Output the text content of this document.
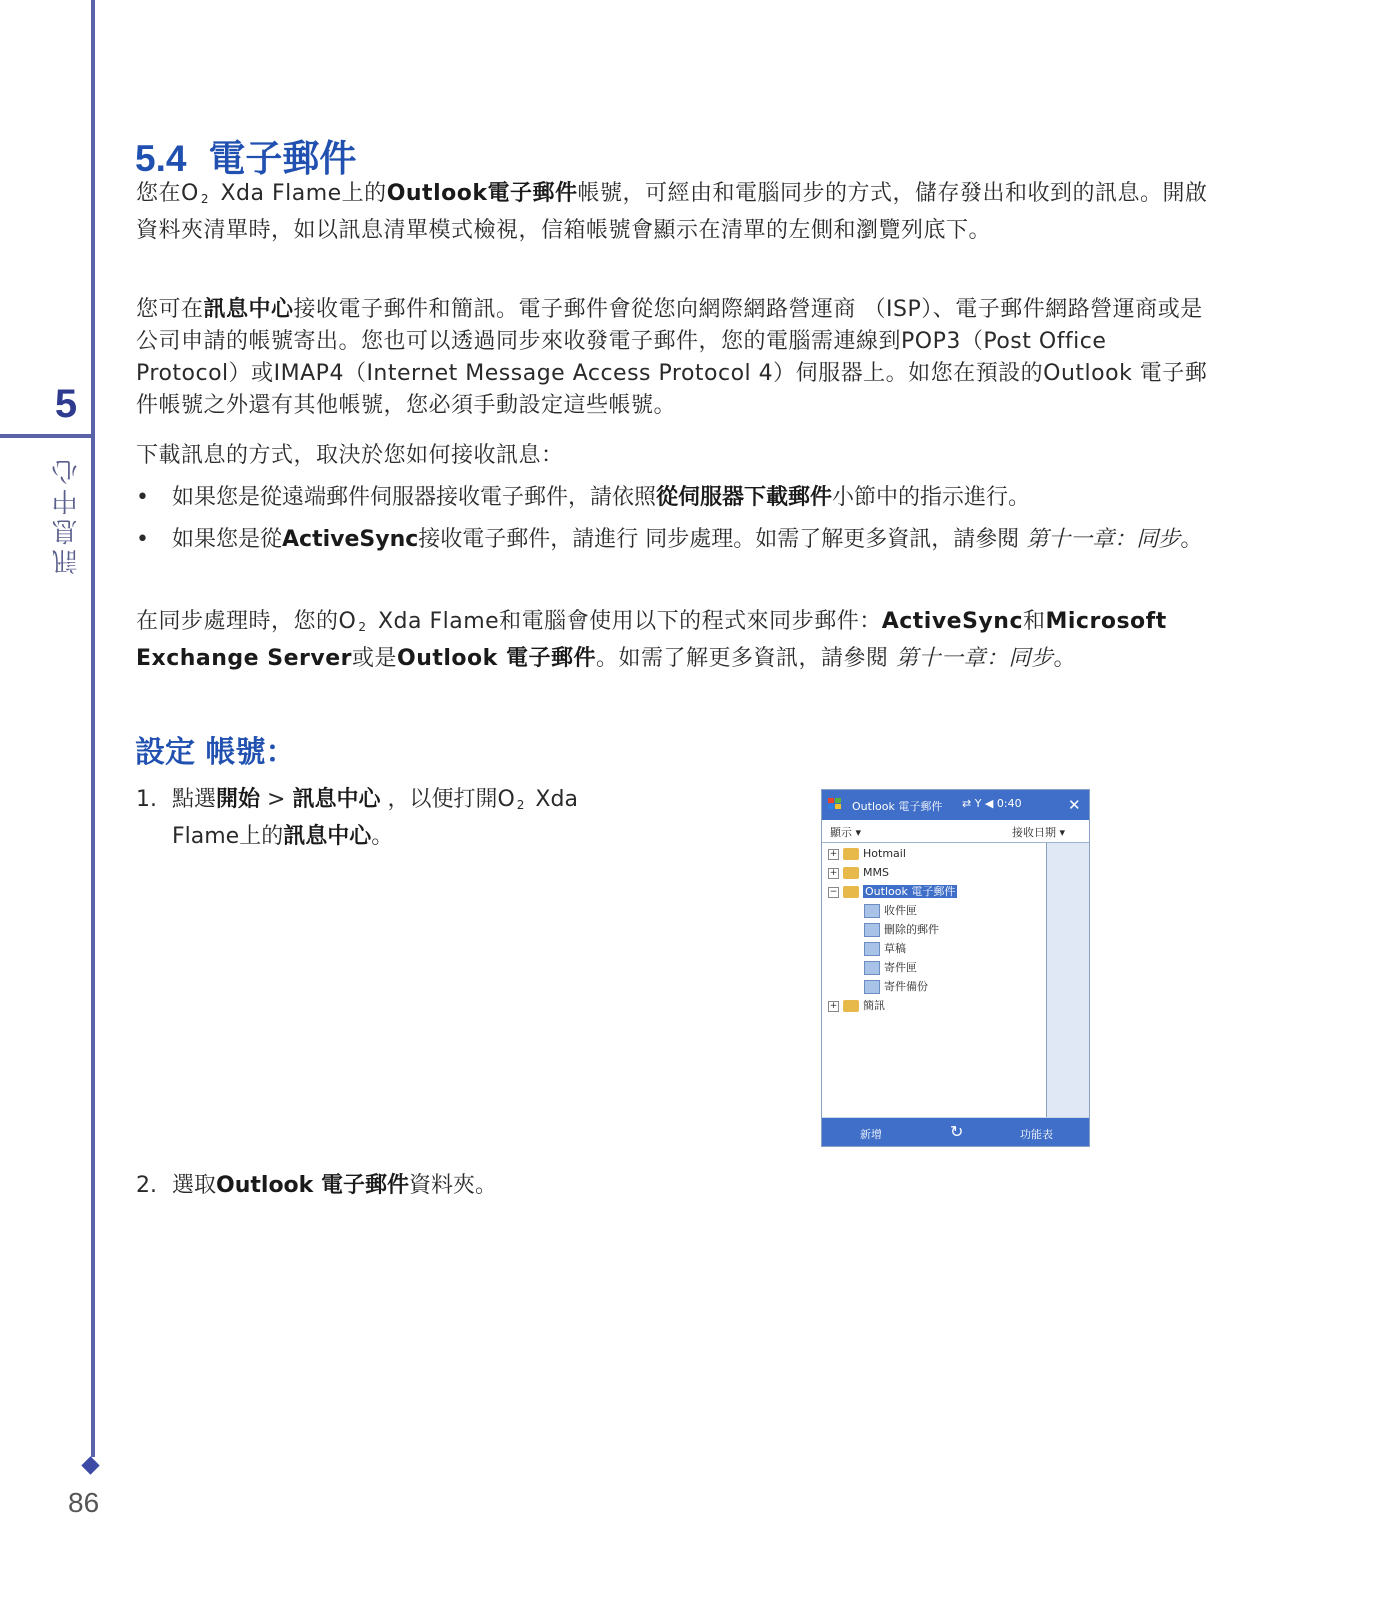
5
訊息中心
86
5.4 電子郵件

您在O $_2$ Xda Flame上的Outlook電子郵件帳號，可經由和電腦同步的方式，儲存發出和收到的訊息。開啟資料夾清單時，如以訊息清單模式檢視，信箱帳號會顯示在清單的左側和瀏覽列底下。

您可在訊息中心接收電子郵件和簡訊。電子郵件會從您向網際網路營運商 （ISP）、電子郵件網路營運商或是公司申請的帳號寄出。您也可以透過同步來收發電子郵件，您的電腦需連線到POP3（Post Office Protocol）或IMAP4（Internet Message Access Protocol 4）伺服器上。如您在預設的Outlook 電子郵件帳號之外還有其他帳號，您必須手動設定這些帳號。

下載訊息的方式，取決於您如何接收訊息：
• 如果您是從遠端郵件伺服器接收電子郵件，請依照從伺服器下載郵件小節中的指示進行。
• 如果您是從ActiveSync接收電子郵件，請進行 同步處理。如需了解更多資訊，請參閱 第十一章：同步。

在同步處理時，您的O $_2$ Xda Flame和電腦會使用以下的程式來同步郵件：ActiveSync和Microsoft Exchange Server或是Outlook 電子郵件。如需了解更多資訊，請參閱 第十一章：同步。

設定 帳號：
1. 點選開始 > 訊息中心 ，以便打開O $_2$ Xda
Flame上的訊息中心。
Outlook 電子郵件 ⇄ Y ◀ 0:40	✕
顯示 ▾	接收日期 ▾
+ Hotmail
+ MMS
−	Outlook 電子郵件
收件匣
刪除的郵件
草稿
寄件匣
寄件備份
+ 簡訊
新增	↻	功能表
2. 選取Outlook 電子郵件資料夾。
